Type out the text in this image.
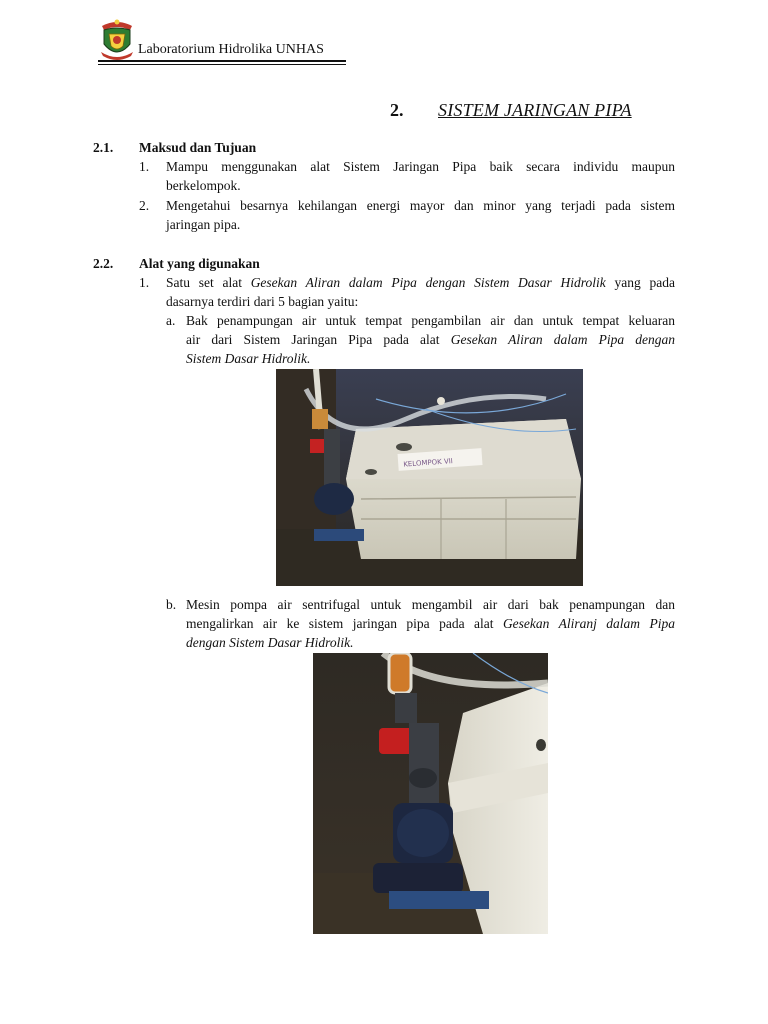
Laboratorium Hidrolika UNHAS
2. SISTEM JARINGAN PIPA
2.1. Maksud dan Tujuan
1. Mampu menggunakan alat Sistem Jaringan Pipa baik secara individu maupun
berkelompok.
2. Mengetahui besarnya kehilangan energi mayor dan minor yang terjadi pada sistem
jaringan pipa.
2.2. Alat yang digunakan
1. Satu set alat Gesekan Aliran dalam Pipa dengan Sistem Dasar Hidrolik yang pada
dasarnya terdiri dari 5 bagian yaitu:
a. Bak penampungan air untuk tempat pengambilan air dan untuk tempat keluaran
air dari Sistem Jaringan Pipa pada alat Gesekan Aliran dalam Pipa dengan
Sistem Dasar Hidrolik.
KELOMPOK VII
b. Mesin pompa air sentrifugal untuk mengambil air dari bak penampungan dan
mengalirkan air ke sistem jaringan pipa pada alat Gesekan Aliranj dalam Pipa
dengan Sistem Dasar Hidrolik.
